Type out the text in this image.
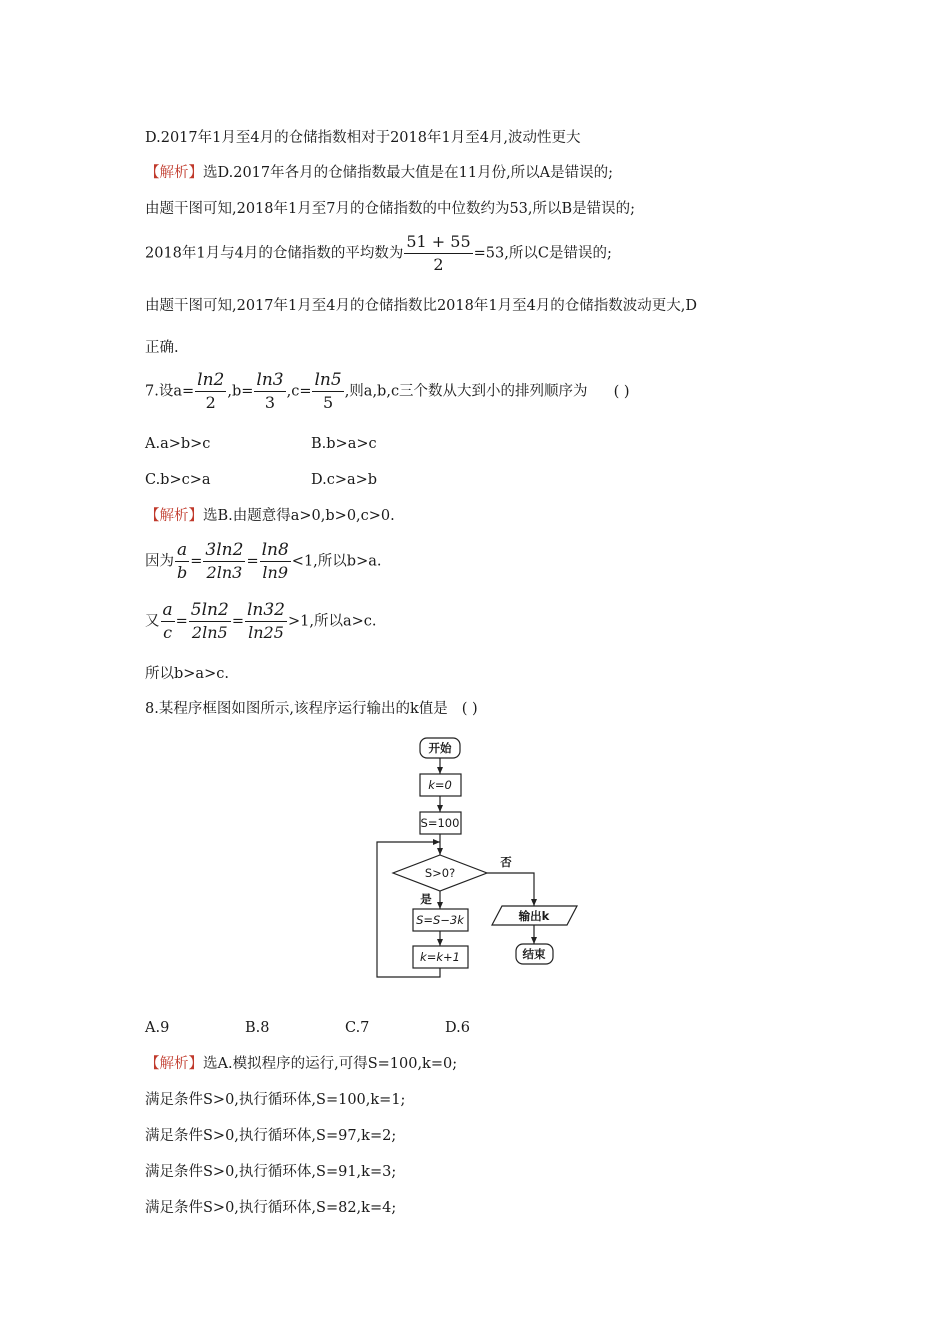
D.2017年1月至4月的仓储指数相对于2018年1月至4月,波动性更大
【解析】选D.2017年各月的仓储指数最大值是在11月份,所以A是错误的;
由题干图可知,2018年1月至7月的仓储指数的中位数约为53,所以B是错误的;
2018年1月与4月的仓储指数的平均数为 $\frac{51 + 55}{2} =53$,所以C是错误的;
由题干图可知,2017年1月至4月的仓储指数比2018年1月至4月的仓储指数波动更大,D
正确.
7.设$a= \frac{\ln 2}{2} ,b= \frac{\ln 3}{3} ,c= \frac{\ln 5}{5}$ ,则a,b,c三个数从大到小的排列顺序为 ( )
A.a>b>c	B.b>a>c
C.b>c>a	D.c>a>b
【解析】选B.由题意得a>0,b>0,c>0.
因为 $\frac{a}{b} = \frac{3\ln 2}{2\ln 3} = \frac{\ln 8}{\ln 9} <1$,所以b>a.
又 $\frac{a}{c} = \frac{5\ln 2}{2\ln 5} = \frac{\ln 32}{\ln 25} >1$,所以a>c.
所以b>a>c.
8.某程序框图如图所示,该程序运行输出的k值是 ( )
开始
k=0
S=100
S>0?
否
是
S=S−3k
k=k+1
输出k
结束
A.9	B.8	C.7	D.6
【解析】选A.模拟程序的运行,可得S=100,k=0;
满足条件S>0,执行循环体,S=100,k=1;
满足条件S>0,执行循环体,S=97,k=2;
满足条件S>0,执行循环体,S=91,k=3;
满足条件S>0,执行循环体,S=82,k=4;
